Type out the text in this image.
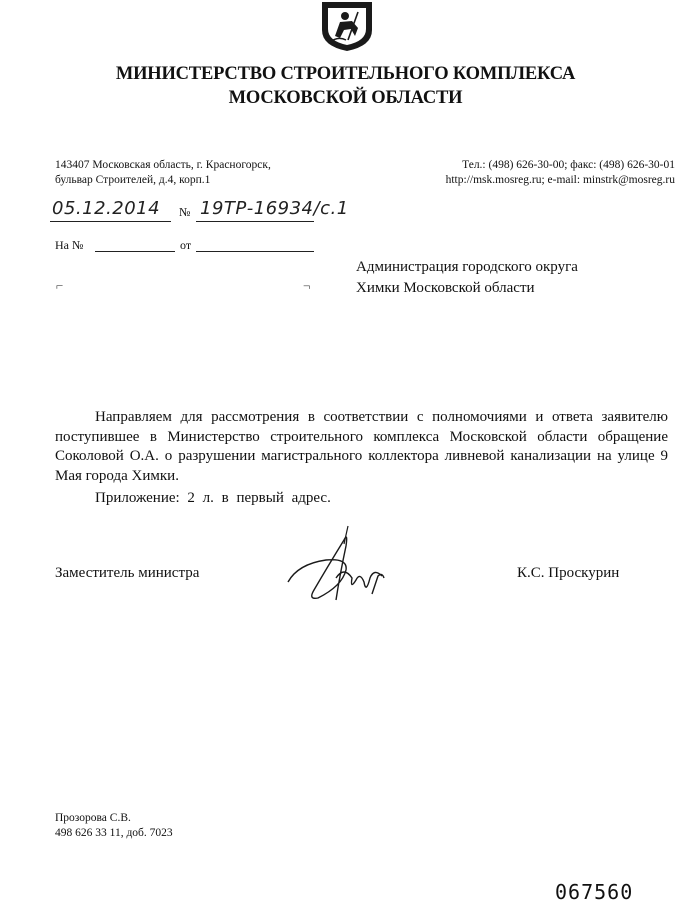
МИНИСТЕРСТВО СТРОИТЕЛЬНОГО КОМПЛЕКСА
МОСКОВСКОЙ ОБЛАСТИ
143407 Московская область, г. Красногорск,
бульвар Строителей, д.4, корп.1
Тел.: (498) 626-30-00; факс: (498) 626-30-01
http://msk.mosreg.ru; e-mail: minstrk@mosreg.ru
05.12.2014 № 19ТР-16934/с.1
На №	от
⌐	¬
Администрация городского округа
Химки Московской области

Направляем для рассмотрения в соответствии с полномочиями и ответа заявителю поступившее в Министерство строительного комплекса Московской области обращение Соколовой О.А. о разрушении магистрального коллектора ливневой канализации на улице 9 Мая города Химки.

Приложение: 2 л. в первый адрес.
Заместитель министра	К.С. Проскурин
Прозорова С.В.
498 626 33 11, доб. 7023
067560
